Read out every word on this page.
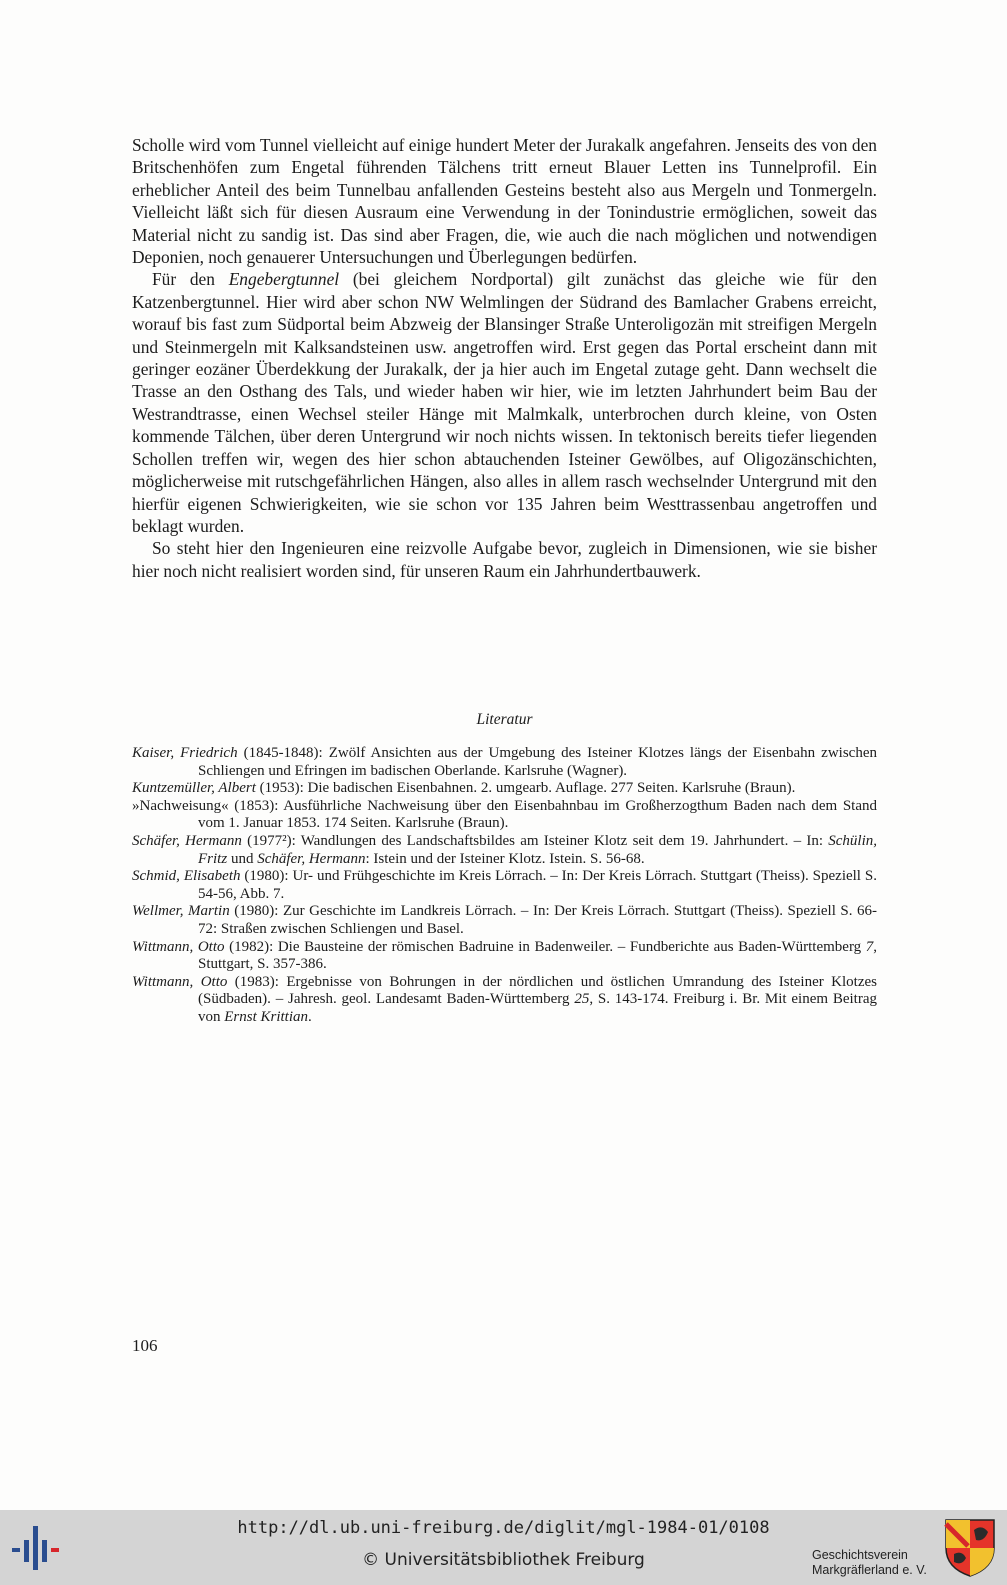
Scholle wird vom Tunnel vielleicht auf einige hundert Meter der Jurakalk angefahren. Jenseits des von den Britschenhöfen zum Engetal führenden Tälchens tritt erneut Blauer Letten ins Tunnelprofil. Ein erheblicher Anteil des beim Tunnelbau anfallenden Gesteins besteht also aus Mergeln und Tonmergeln. Vielleicht läßt sich für diesen Ausraum eine Verwendung in der Tonindustrie ermöglichen, soweit das Material nicht zu sandig ist. Das sind aber Fragen, die, wie auch die nach möglichen und notwendigen Deponien, noch genauerer Untersuchungen und Überlegungen bedürfen.

Für den Engebergtunnel (bei gleichem Nordportal) gilt zunächst das gleiche wie für den Katzenbergtunnel. Hier wird aber schon NW Welmlingen der Südrand des Bamlacher Grabens erreicht, worauf bis fast zum Südportal beim Abzweig der Blansinger Straße Unteroligozän mit streifigen Mergeln und Steinmergeln mit Kalksandsteinen usw. angetroffen wird. Erst gegen das Portal erscheint dann mit geringer eozäner Überdekkung der Jurakalk, der ja hier auch im Engetal zutage geht. Dann wechselt die Trasse an den Osthang des Tals, und wieder haben wir hier, wie im letzten Jahrhundert beim Bau der Westrandtrasse, einen Wechsel steiler Hänge mit Malmkalk, unterbrochen durch kleine, von Osten kommende Tälchen, über deren Untergrund wir noch nichts wissen. In tektonisch bereits tiefer liegenden Schollen treffen wir, wegen des hier schon abtauchenden Isteiner Gewölbes, auf Oligozänschichten, möglicherweise mit rutschgefährlichen Hängen, also alles in allem rasch wechselnder Untergrund mit den hierfür eigenen Schwierigkeiten, wie sie schon vor 135 Jahren beim Westtrassenbau angetroffen und beklagt wurden.

So steht hier den Ingenieuren eine reizvolle Aufgabe bevor, zugleich in Dimensionen, wie sie bisher hier noch nicht realisiert worden sind, für unseren Raum ein Jahrhundertbauwerk.

Literatur

Kaiser, Friedrich (1845-1848): Zwölf Ansichten aus der Umgebung des Isteiner Klotzes längs der Eisenbahn zwischen Schliengen und Efringen im badischen Oberlande. Karlsruhe (Wagner).

Kuntzemüller, Albert (1953): Die badischen Eisenbahnen. 2. umgearb. Auflage. 277 Seiten. Karlsruhe (Braun).

»Nachweisung« (1853): Ausführliche Nachweisung über den Eisenbahnbau im Großherzogthum Baden nach dem Stand vom 1. Januar 1853. 174 Seiten. Karlsruhe (Braun).

Schäfer, Hermann (1977²): Wandlungen des Landschaftsbildes am Isteiner Klotz seit dem 19. Jahrhundert. – In: Schülin, Fritz und Schäfer, Hermann: Istein und der Isteiner Klotz. Istein. S. 56-68.

Schmid, Elisabeth (1980): Ur- und Frühgeschichte im Kreis Lörrach. – In: Der Kreis Lörrach. Stuttgart (Theiss). Speziell S. 54-56, Abb. 7.

Wellmer, Martin (1980): Zur Geschichte im Landkreis Lörrach. – In: Der Kreis Lörrach. Stuttgart (Theiss). Speziell S. 66-72: Straßen zwischen Schliengen und Basel.

Wittmann, Otto (1982): Die Bausteine der römischen Badruine in Badenweiler. – Fundberichte aus Baden-Württemberg 7, Stuttgart, S. 357-386.

Wittmann, Otto (1983): Ergebnisse von Bohrungen in der nördlichen und östlichen Umrandung des Isteiner Klotzes (Südbaden). – Jahresh. geol. Landesamt Baden-Württemberg 25, S. 143-174. Freiburg i. Br. Mit einem Beitrag von Ernst Krittian.

106
http://dl.ub.uni-freiburg.de/diglit/mgl-1984-01/0108
© Universitätsbibliothek Freiburg	Geschichtsverein
Markgräflerland e. V.
